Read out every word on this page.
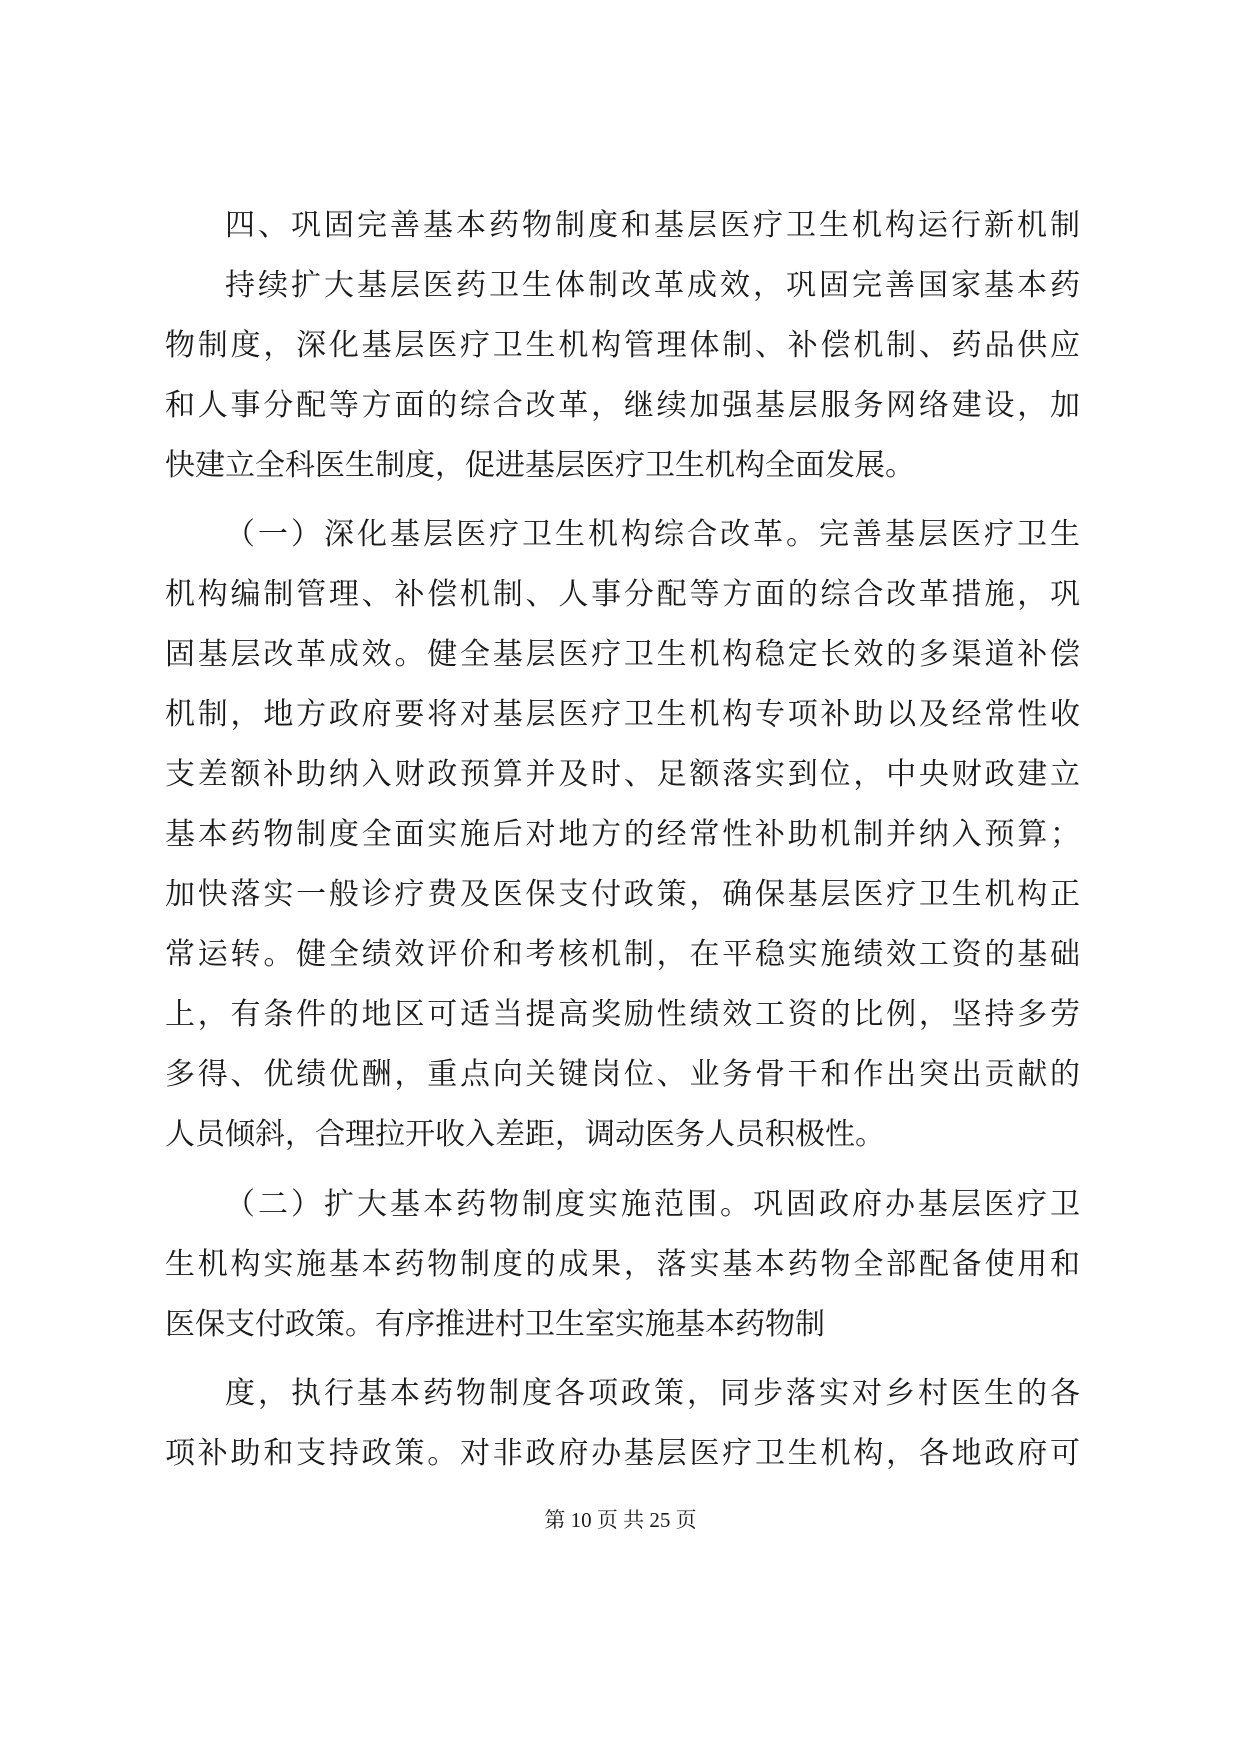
四、巩固完善基本药物制度和基层医疗卫生机构运行新机制
持续扩大基层医药卫生体制改革成效，巩固完善国家基本药
物制度，深化基层医疗卫生机构管理体制、补偿机制、药品供应
和人事分配等方面的综合改革，继续加强基层服务网络建设，加
快建立全科医生制度，促进基层医疗卫生机构全面发展。
（一）深化基层医疗卫生机构综合改革。完善基层医疗卫生
机构编制管理、补偿机制、人事分配等方面的综合改革措施，巩
固基层改革成效。健全基层医疗卫生机构稳定长效的多渠道补偿
机制，地方政府要将对基层医疗卫生机构专项补助以及经常性收
支差额补助纳入财政预算并及时、足额落实到位，中央财政建立
基本药物制度全面实施后对地方的经常性补助机制并纳入预算；
加快落实一般诊疗费及医保支付政策，确保基层医疗卫生机构正
常运转。健全绩效评价和考核机制，在平稳实施绩效工资的基础
上，有条件的地区可适当提高奖励性绩效工资的比例，坚持多劳
多得、优绩优酬，重点向关键岗位、业务骨干和作出突出贡献的
人员倾斜，合理拉开收入差距，调动医务人员积极性。
（二）扩大基本药物制度实施范围。巩固政府办基层医疗卫
生机构实施基本药物制度的成果，落实基本药物全部配备使用和
医保支付政策。有序推进村卫生室实施基本药物制
度，执行基本药物制度各项政策，同步落实对乡村医生的各
项补助和支持政策。对非政府办基层医疗卫生机构，各地政府可
第 10 页 共 25 页
